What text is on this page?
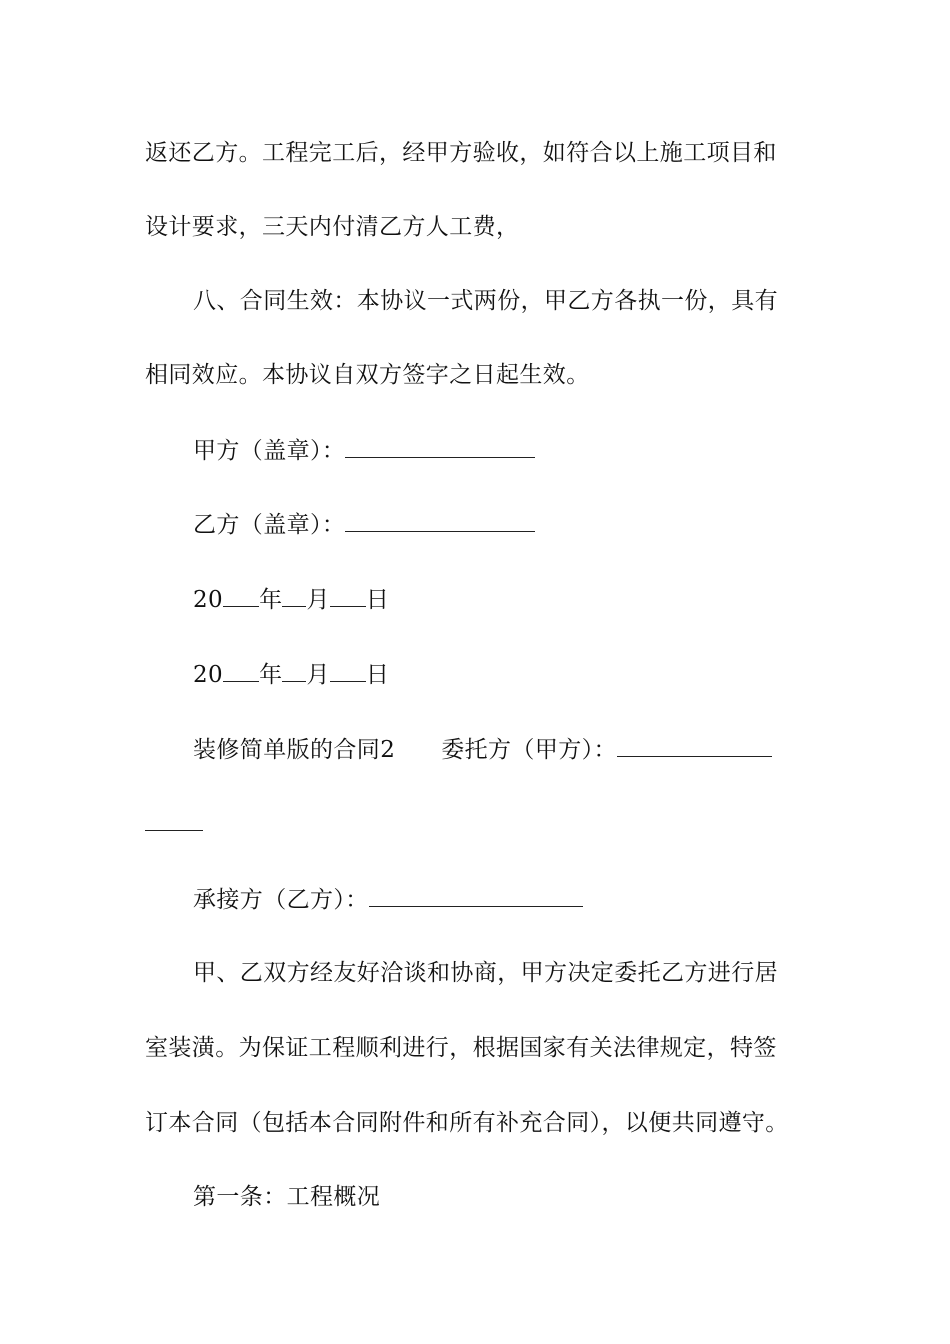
返还乙方。工程完工后，经甲方验收，如符合以上施工项目和
设计要求，三天内付清乙方人工费，
八、合同生效：本协议一式两份，甲乙方各执一份，具有
相同效应。本协议自双方签字之日起生效。
甲方（盖章）：
乙方（盖章）：
20 年 月 日
20 年 月 日
装修简单版的合同2 委托方（甲方）：
承接方（乙方）：
甲、乙双方经友好洽谈和协商，甲方决定委托乙方进行居
室装潢。为保证工程顺利进行，根据国家有关法律规定，特签
订本合同（包括本合同附件和所有补充合同），以便共同遵守。
第一条：工程概况
